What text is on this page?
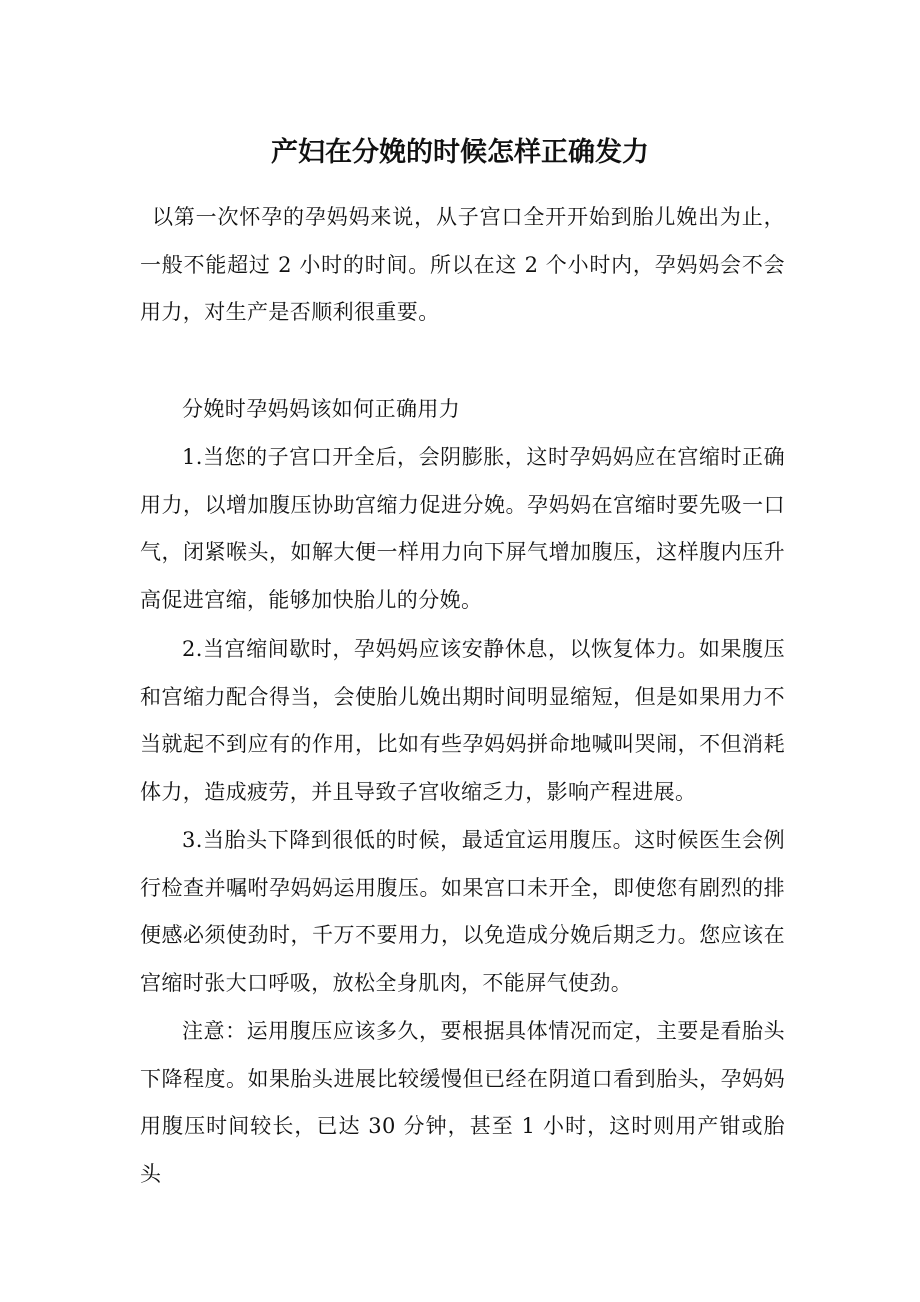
产妇在分娩的时候怎样正确发力

以第一次怀孕的孕妈妈来说，从子宫口全开开始到胎儿娩出为止，一般不能超过 2 小时的时间。所以在这 2 个小时内，孕妈妈会不会用力，对生产是否顺利很重要。

分娩时孕妈妈该如何正确用力

1.当您的子宫口开全后，会阴膨胀，这时孕妈妈应在宫缩时正确用力，以增加腹压协助宫缩力促进分娩。孕妈妈在宫缩时要先吸一口气，闭紧喉头，如解大便一样用力向下屏气增加腹压，这样腹内压升高促进宫缩，能够加快胎儿的分娩。

2.当宫缩间歇时，孕妈妈应该安静休息，以恢复体力。如果腹压和宫缩力配合得当，会使胎儿娩出期时间明显缩短，但是如果用力不当就起不到应有的作用，比如有些孕妈妈拼命地喊叫哭闹，不但消耗体力，造成疲劳，并且导致子宫收缩乏力，影响产程进展。

3.当胎头下降到很低的时候，最适宜运用腹压。这时候医生会例行检查并嘱咐孕妈妈运用腹压。如果宫口未开全，即使您有剧烈的排便感必须使劲时，千万不要用力，以免造成分娩后期乏力。您应该在宫缩时张大口呼吸，放松全身肌肉，不能屏气使劲。

注意：运用腹压应该多久，要根据具体情况而定，主要是看胎头下降程度。如果胎头进展比较缓慢但已经在阴道口看到胎头，孕妈妈用腹压时间较长，已达 30 分钟，甚至 1 小时，这时则用产钳或胎头
